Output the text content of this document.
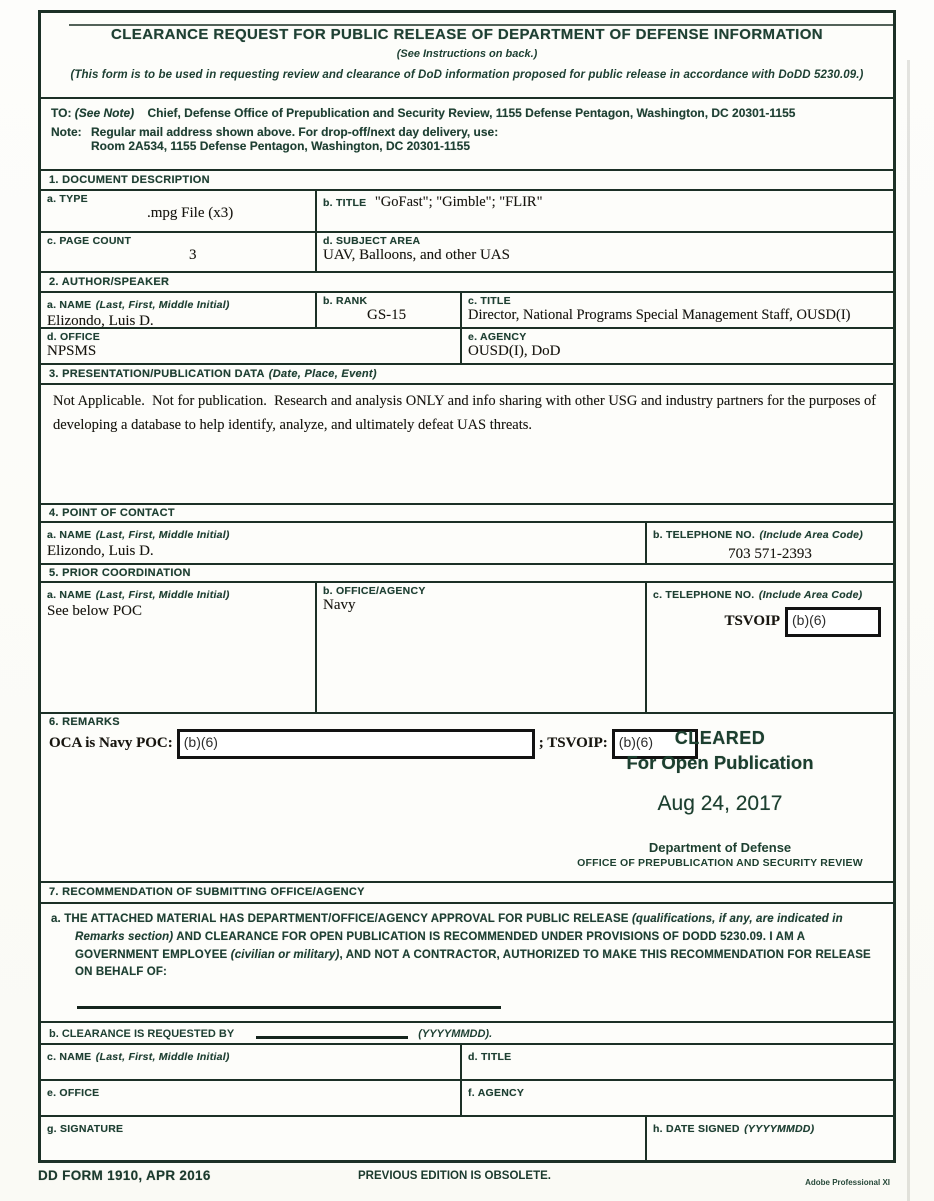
CLEARANCE REQUEST FOR PUBLIC RELEASE OF DEPARTMENT OF DEFENSE INFORMATION
(See Instructions on back.)
(This form is to be used in requesting review and clearance of DoD information proposed for public release in accordance with DoDD 5230.09.)
TO: (See Note) Chief, Defense Office of Prepublication and Security Review, 1155 Defense Pentagon, Washington, DC 20301-1155
Note: Regular mail address shown above. For drop-off/next day delivery, use:
Room 2A534, 1155 Defense Pentagon, Washington, DC 20301-1155
1. DOCUMENT DESCRIPTION
a. TYPE
.mpg File (x3)
b. TITLE "GoFast"; "Gimble"; "FLIR"
c. PAGE COUNT
3
d. SUBJECT AREA
UAV, Balloons, and other UAS
2. AUTHOR/SPEAKER
a. NAME (Last, First, Middle Initial)
Elizondo, Luis D.
b. RANK
GS-15
c. TITLE
Director, National Programs Special Management Staff, OUSD(I)
d. OFFICE
NPSMS
e. AGENCY
OUSD(I), DoD
3. PRESENTATION/PUBLICATION DATA (Date, Place, Event)
Not Applicable.  Not for publication.  Research and analysis ONLY and info sharing with other USG and industry partners for the purposes of developing a database to help identify, analyze, and ultimately defeat UAS threats.
4. POINT OF CONTACT
a. NAME (Last, First, Middle Initial)
Elizondo, Luis D.
b. TELEPHONE NO. (Include Area Code)
703 571-2393
5. PRIOR COORDINATION
a. NAME (Last, First, Middle Initial)
See below POC
b. OFFICE/AGENCY
Navy
c. TELEPHONE NO. (Include Area Code)
TSVOIP (b)(6)
6. REMARKS
OCA is Navy POC: (b)(6)	; TSVOIP: (b)(6)	CLEARED
For Open Publication
Aug 24, 2017
Department of Defense
OFFICE OF PREPUBLICATION AND SECURITY REVIEW
7. RECOMMENDATION OF SUBMITTING OFFICE/AGENCY
a. THE ATTACHED MATERIAL HAS DEPARTMENT/OFFICE/AGENCY APPROVAL FOR PUBLIC RELEASE (qualifications, if any, are indicated in Remarks section) AND CLEARANCE FOR OPEN PUBLICATION IS RECOMMENDED UNDER PROVISIONS OF DODD 5230.09. I AM A GOVERNMENT EMPLOYEE (civilian or military), AND NOT A CONTRACTOR, AUTHORIZED TO MAKE THIS RECOMMENDATION FOR RELEASE ON BEHALF OF:
b. CLEARANCE IS REQUESTED BY	(YYYYMMDD).
c. NAME (Last, First, Middle Initial)	d. TITLE
e. OFFICE	f. AGENCY
g. SIGNATURE	h. DATE SIGNED (YYYYMMDD)
DD FORM 1910, APR 2016	PREVIOUS EDITION IS OBSOLETE.
Adobe Professional XI
